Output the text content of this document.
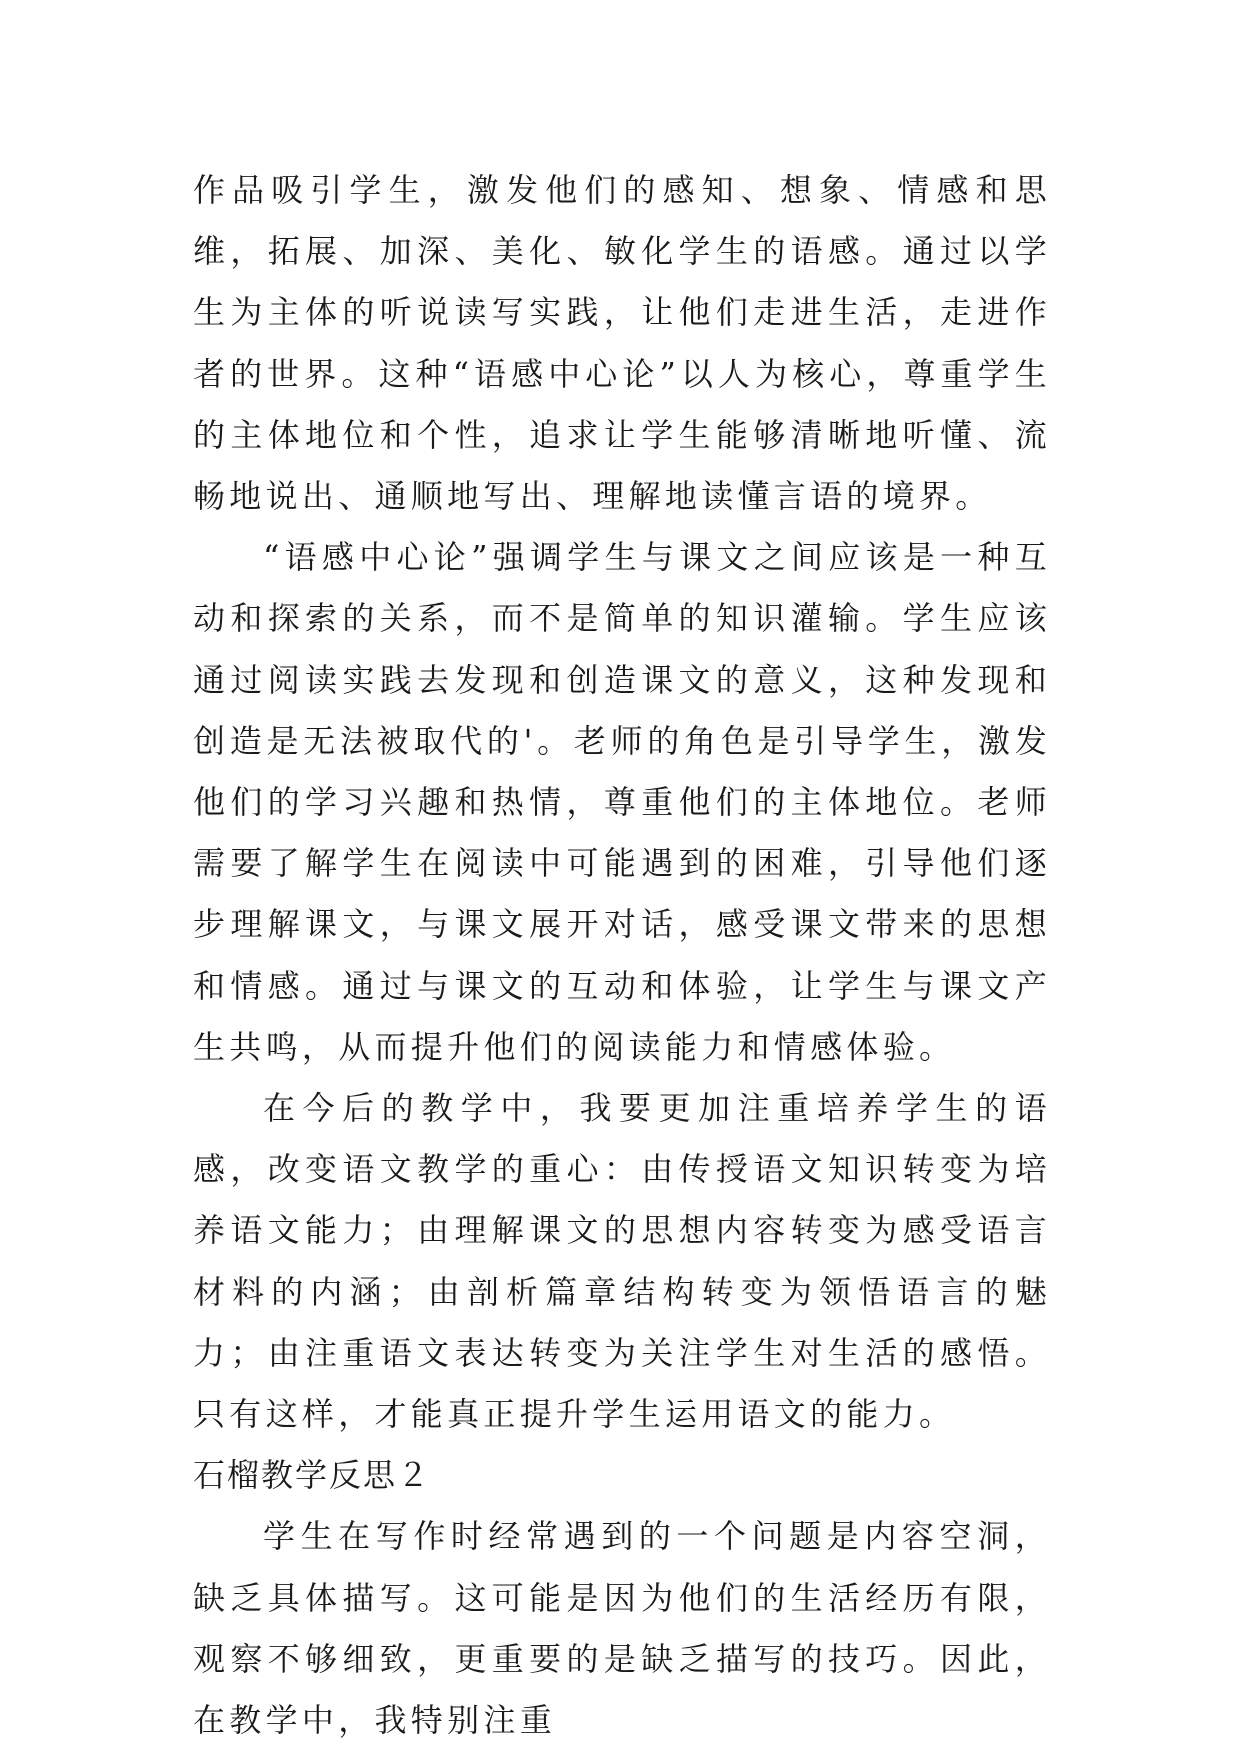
作品吸引学生，激发他们的感知、想象、情感和思维，拓展、加深、美化、敏化学生的语感。通过以学生为主体的听说读写实践，让他们走进生活，走进作者的世界。这种“语感中心论”以人为核心，尊重学生的主体地位和个性，追求让学生能够清晰地听懂、流畅地说出、通顺地写出、理解地读懂言语的境界。

“语感中心论”强调学生与课文之间应该是一种互动和探索的关系，而不是简单的知识灌输。学生应该通过阅读实践去发现和创造课文的意义，这种发现和创造是无法被取代的'。老师的角色是引导学生，激发他们的学习兴趣和热情，尊重他们的主体地位。老师需要了解学生在阅读中可能遇到的困难，引导他们逐步理解课文，与课文展开对话，感受课文带来的思想和情感。通过与课文的互动和体验，让学生与课文产生共鸣，从而提升他们的阅读能力和情感体验。

在今后的教学中，我要更加注重培养学生的语感，改变语文教学的重心：由传授语文知识转变为培养语文能力；由理解课文的思想内容转变为感受语言材料的内涵；由剖析篇章结构转变为领悟语言的魅力；由注重语文表达转变为关注学生对生活的感悟。只有这样，才能真正提升学生运用语文的能力。

石榴教学反思２

学生在写作时经常遇到的一个问题是内容空洞，缺乏具体描写。这可能是因为他们的生活经历有限，观察不够细致，更重要的是缺乏描写的技巧。因此，在教学中，我特别注重
